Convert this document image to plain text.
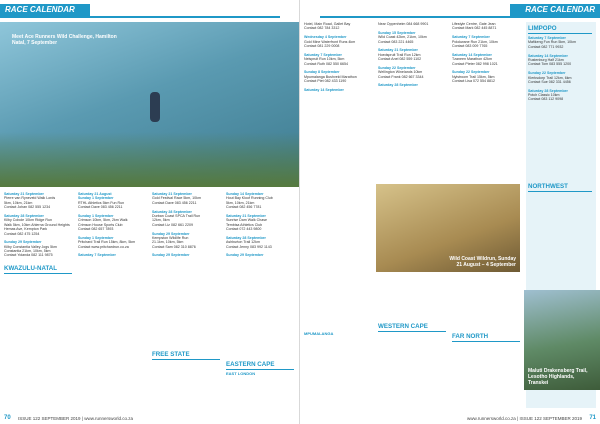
RACE CALENDAR
Meet Ace Runners Wild Challenge, Hamilton Natal, 7 September
Saturday 21 September
Pierre van Ryneveld Walk Lords
5km, 10km, 21km
Contact Johan 082 555 1234
Saturday 28 September
Kilby Cobole 10km Ridge Run
Walk 5km, 10km Ahlerna Ground Heights
Hemas Ave, Kempton Park
Contact 082 475 1254
Sunday 29 September
Kilby Constantia Valley Jogs 5km
Constantia 21km, 10km, 5km
Contact Yolanda 082 111 9875
KWAZULU-NATAL
Saturday 21 August
Sunday 1 September
RTHL Athletics 5km Fun Run
Contact Dave 083 456 2211
Sunday 1 September
Crimson 10km, 5km, 2km Walk
Crimson House Sports Club
Contact 082 657 7893
Sunday 1 September
Pritchard Trail Run 15km, 8km, 5km
Contact www.pritchardrun.co.za
Saturday 7 September
Saturday 21 September
Gold Festival Race 5km, 10km
Contact Dave 083 456 2211
Saturday 28 September
Durban Coast SPCA Trail Run
12km, 5km
Contact Liz 082 661 2209
Sunday 29 September
Kempston Wildlife Run
21.1km, 10km, 5km
Contact Sam 082 310 8876
Sunday 29 September
FREE STATE
Sunday 14 September
Hout Bay Kloof Running Club
5km, 10km, 21km
Contact 082 456 7781
Saturday 21 September
Sunrise Dam Walk Chase
Tembisa Athletics Club
Contact 072 443 9800
Saturday 28 September
Ashburton Trail 12km
Contact Jenny 083 992 1143
Sunday 29 September
EASTERN CAPE
EAST LONDON
70 ISSUE 122 SEPTEMBER 2019 | www.runnersworld.co.za
RACE CALENDAR
Hotel, Main Road, Gallet Bay
Contact 082 784 3312
Wednesday 4 September
Gold Mine Waterfront Runs 4km
Contact 081 229 0008
Saturday 7 September
Nelspruit Run 10km, 5km
Contact Ruth 082 550 6654
Sunday 8 September
Mpumalanga Bushveld Marathon
Contact Piet 082 433 1190
Saturday 14 September
MPUMALANGA
Near Oppenheim 084 668 9901
Sunday 15 September
Wild Coast 42km, 21km, 10km
Contact 083 221 4465
Saturday 21 September
Hoedspruit Trail Run 12km
Contact Anel 082 559 1102
Sunday 22 September
Wellington Winelands 10km
Contact Frank 082 667 3344
Saturday 28 September
WESTERN CAPE
Lifestyle Centre, Gate Jean
Contact Mark 082 445 8871
Saturday 7 September
Polokwane Run 21km, 10km
Contact 083 009 7765
Saturday 14 September
Tzaneen Marathon 42km
Contact Pieter 082 998 1021
Sunday 22 September
Nylstroom Trail 15km, 5km
Contact Lisa 072 554 8812
LIMPOPO
Saturday 7 September
Mafikeng Fun Run 5km, 10km
Contact 082 771 9932
Saturday 14 September
Rustenburg Half 21km
Contact Tom 083 555 1200
Sunday 22 September
Klerksdorp Trail 12km, 6km
Contact Sue 082 331 4456
Saturday 28 September
Potch Classic 10km
Contact 083 112 9098
NORTHWEST
FAR NORTH
Wild Coast Wildrun, Sunday 21 August – 4 September
Maluti Drakensberg Trail, Lesotho Highlands, Transkei
www.runnersworld.co.za | ISSUE 122 SEPTEMBER 2019 71
